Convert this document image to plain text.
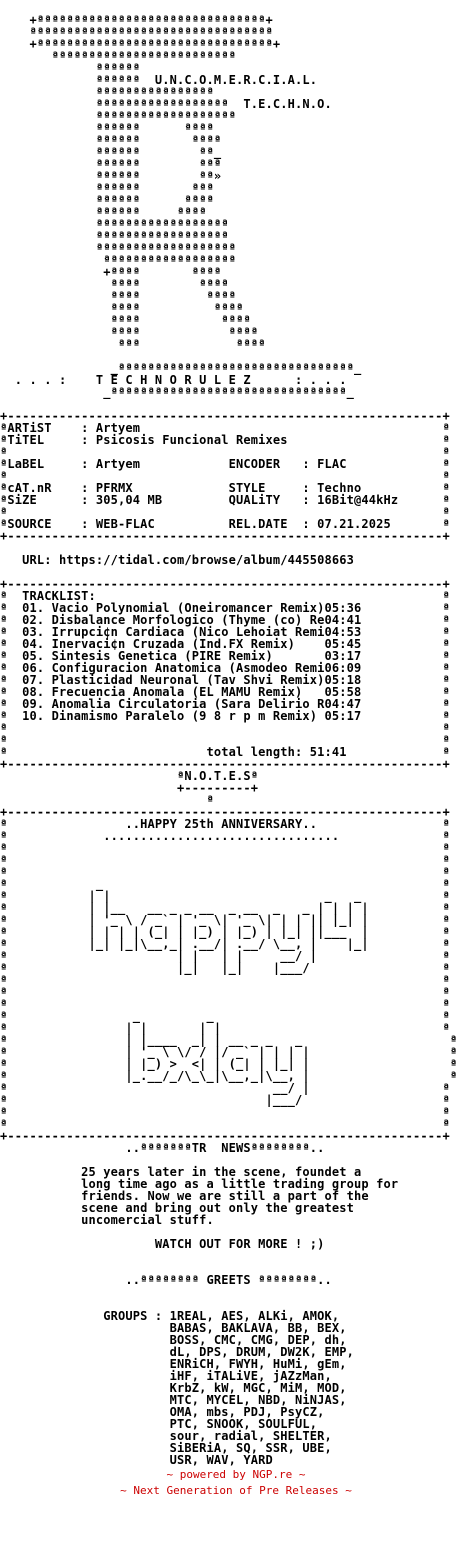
+ªªªªªªªªªªªªªªªªªªªªªªªªªªªªªªª+
ªªªªªªªªªªªªªªªªªªªªªªªªªªªªªªªªª
+ªªªªªªªªªªªªªªªªªªªªªªªªªªªªªªªª+
ªªªªªªªªªªªªªªªªªªªªªªªªª
ªªªªªª
ªªªªªª  U.N.C.O.M.E.R.C.I.A.L.
ªªªªªªªªªªªªªªªª
ªªªªªªªªªªªªªªªªªª  T.E.C.H.N.O.
ªªªªªªªªªªªªªªªªªªª
ªªªªªª      ªªªª
ªªªªªª       ªªªª
ªªªªªª        ªª_
ªªªªªª        ªªª
ªªªªªª        ªª»
ªªªªªª       ªªª
ªªªªªª      ªªªª
ªªªªªª     ªªªª
ªªªªªªªªªªªªªªªªªª
ªªªªªªªªªªªªªªªªªª
ªªªªªªªªªªªªªªªªªªª
ªªªªªªªªªªªªªªªªªª
+ªªªª       ªªªª
ªªªª        ªªªª
ªªªª         ªªªª
ªªªª          ªªªª
ªªªª           ªªªª
ªªªª            ªªªª
ªªª             ªªªª

_ªªªªªªªªªªªªªªªªªªªªªªªªªªªªªªªª_
. . . :    T E C H N O R U L E Z      : . . .
_ªªªªªªªªªªªªªªªªªªªªªªªªªªªªªªªª_

+-----------------------------------------------------------+
ªARTiST    : Artyem                                         ª
ªTiTEL     : Psicosis Funcional Remixes                     ª
ª                                                           ª
ªLaBEL     : Artyem            ENCODER   : FLAC             ª
ª                                                           ª
ªcAT.nR    : PFRMX             STYLE     : Techno           ª
ªSiZE      : 305,04 MB         QUALiTY   : 16Bit@44kHz      ª
ª                                                           ª
ªSOURCE    : WEB-FLAC          REL.DATE  : 07.21.2025       ª
+-----------------------------------------------------------+

URL: https://tidal.com/browse/album/445508663

+-----------------------------------------------------------+
ª  TRACKLIST:                                               ª
ª  01. Vacio Polynomial (Oneiromancer Remix)05:36           ª
ª  02. Disbalance Morfologico (Thyme (co) Re04:41           ª
ª  03. Irrupci¢n Cardiaca (Nico Lehoiat Remi04:53           ª
ª  04. Inervaci¢n Cruzada (Ind.FX Remix)    05:45           ª
ª  05. Sintesis Genetica (PIRE Remix)       03:17           ª
ª  06. Configuracion Anatomica (Asmodeo Remi06:09           ª
ª  07. Plasticidad Neuronal (Tav Shvi Remix)05:18           ª
ª  08. Frecuencia Anomala (EL MAMU Remix)   05:58           ª
ª  09. Anomalia Circulatoria (Sara Delirio R04:47           ª
ª  10. Dinamismo Paralelo (9 8 r p m Remix) 05:17           ª
ª                                                           ª
ª                                                           ª
ª                           total length: 51:41             ª
+-----------------------------------------------------------+
ªN.O.T.E.Sª
+---------+
ª
+-----------------------------------------------------------+
ª                ..HAPPY 25th ANNIVERSARY..                 ª
ª             ................................              ª
ª                                                           ª
ª                                                           ª
ª                                                           ª
ª            _                                              ª
ª           | |                             _   _           ª
ª           | |__   __ _ _ __  _ __  _   _ | | | |          ª
ª           | '_ \ / _` | '_ \| '_ \| | | || |_| |          ª
ª           | | | | (_| | |_) | |_) | |_| ||___  |          ª
ª           |_| |_|\__,_| .__/| .__/ \__, |    |_|          ª
ª                       | |   | |     __/ |                 ª
ª                       |_|   |_|    |___/                  ª
ª                                                           ª
ª                                                           ª
ª                                                           ª
ª                 _         _                               ª
ª                | |       | |                              ª
ª                | |____  _| | __ _ _   _                    ª
ª                | '_ \ \/ / |/ _` | | | |                   ª
ª                | |_) >  <| | (_| | |_| |                   ª
ª                |_.__/_/\_\_|\__,_|\__, |                   ª
ª                                    __/ |                  ª
ª                                   |___/                   ª
ª                                                           ª
ª                                                           ª
+-----------------------------------------------------------+
..ªªªªªªªTR  NEWSªªªªªªªª..

25 years later in the scene, foundet a
long time ago as a little trading group for
friends. Now we are still a part of the
scene and bring out only the greatest
uncomercial stuff.

WATCH OUT FOR MORE ! ;)

..ªªªªªªªª GREETS ªªªªªªªª..

GROUPS : 1REAL, AES, ALKi, AMOK,
BABAS, BAKLAVA, BB, BEX,
BOSS, CMC, CMG, DEP, dh,
dL, DPS, DRUM, DW2K, EMP,
ENRiCH, FWYH, HuMi, gEm,
iHF, iTALiVE, jAZzMan,
KrbZ, kW, MGC, MiM, MOD,
MTC, MYCEL, NBD, NiNJAS,
OMA, mbs, PDJ, PsyCZ,
PTC, SNOOK, SOULFUL,
sour, radial, SHELTER,
SiBERiA, SQ, SSR, UBE,
USR, WAV, YARD
~ powered by NGP.re ~
~ Next Generation of Pre Releases ~
